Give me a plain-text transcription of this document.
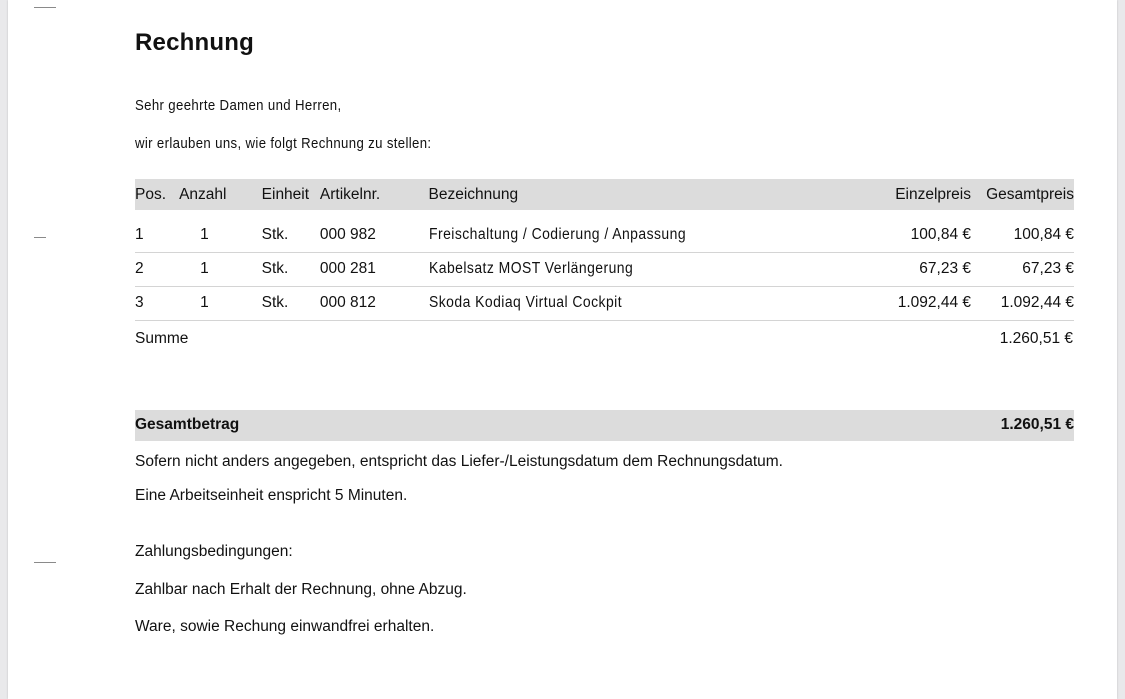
Rechnung
Sehr geehrte Damen und Herren,
wir erlauben uns, wie folgt Rechnung zu stellen:
Pos.	Anzahl	Einheit	Artikelnr.	Bezeichnung	Einzelpreis	Gesamtpreis
1	1	Stk.	000 982	Freischaltung / Codierung / Anpassung	100,84 €	100,84 €
2	1	Stk.	000 281	Kabelsatz MOST Verlängerung	67,23 €	67,23 €
3	1	Stk.	000 812	Skoda Kodiaq Virtual Cockpit	1.092,44 €	1.092,44 €
Summe	1.260,51 €
Gesamtbetrag	1.260,51 €
Sofern nicht anders angegeben, entspricht das Liefer-/Leistungsdatum dem Rechnungsdatum.
Eine Arbeitseinheit enspricht 5 Minuten.
Zahlungsbedingungen:
Zahlbar nach Erhalt der Rechnung, ohne Abzug.
Ware, sowie Rechung einwandfrei erhalten.
